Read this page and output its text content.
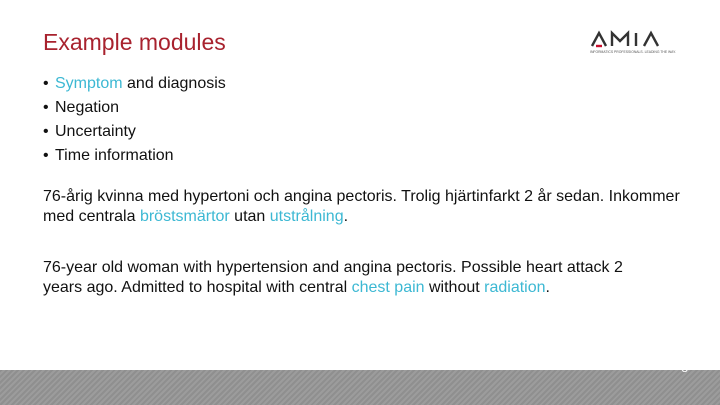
Example modules	INFORMATICS PROFESSIONALS. LEADING THE WAY.
• Symptom and diagnosis
• Negation
• Uncertainty
• Time information

76-årig kvinna med hypertoni och angina pectoris. Trolig hjärtinfarkt 2 år sedan. Inkommer med centrala bröstsmärtor utan utstrålning.

76-year old woman with hypertension and angina pectoris. Possible heart attack 2 years ago. Admitted to hospital with central chest pain without radiation.

8
